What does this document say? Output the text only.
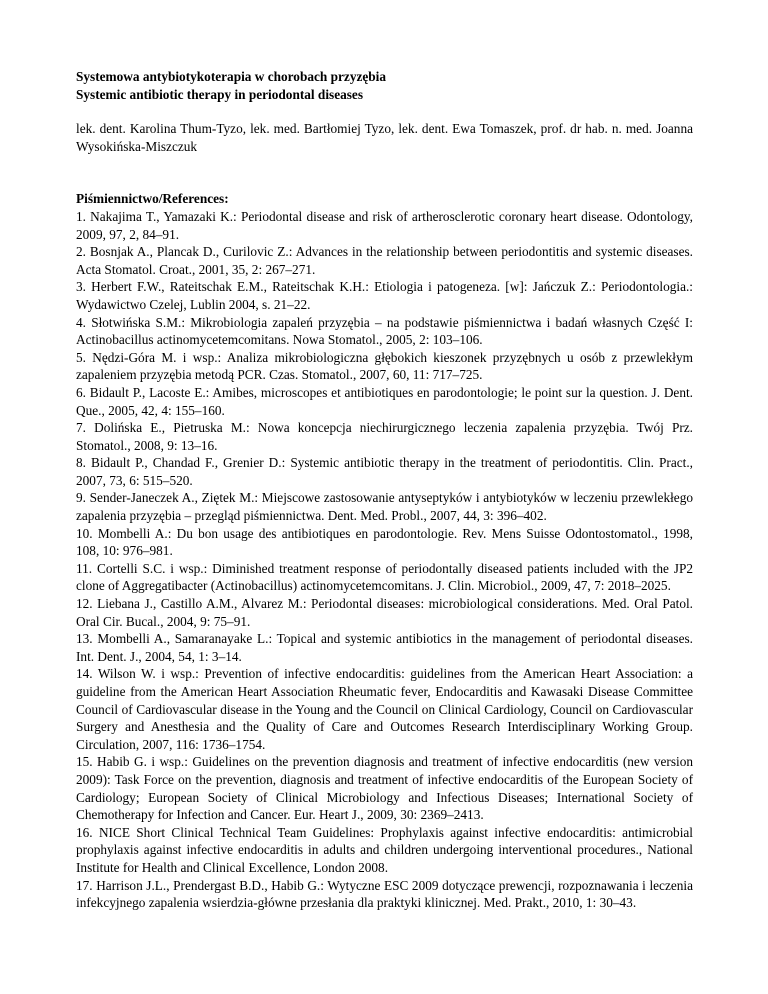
Systemowa antybiotykoterapia w chorobach przyzębia

Systemic antibiotic therapy in periodontal diseases

lek. dent. Karolina Thum-Tyzo, lek. med. Bartłomiej Tyzo, lek. dent. Ewa Tomaszek, prof. dr hab. n. med. Joanna Wysokińska-Miszczuk

Piśmiennictwo/References:

1. Nakajima T., Yamazaki K.: Periodontal disease and risk of artherosclerotic coronary heart disease. Odontology, 2009, 97, 2, 84–91.
2. Bosnjak A., Plancak D., Curilovic Z.: Advances in the relationship between periodontitis and systemic diseases. Acta Stomatol. Croat., 2001, 35, 2: 267–271.
3. Herbert F.W., Rateitschak E.M., Rateitschak K.H.: Etiologia i patogeneza. [w]: Jańczuk Z.: Periodontologia.: Wydawictwo Czelej, Lublin 2004, s. 21–22.
4. Słotwińska S.M.: Mikrobiologia zapaleń przyzębia – na podstawie piśmiennictwa i badań własnych Część I: Actinobacillus actinomycetemcomitans. Nowa Stomatol., 2005, 2: 103–106.
5. Nędzi-Góra M. i wsp.: Analiza mikrobiologiczna głębokich kieszonek przyzębnych u osób z przewlekłym zapaleniem przyzębia metodą PCR. Czas. Stomatol., 2007, 60, 11: 717–725.
6. Bidault P., Lacoste E.: Amibes, microscopes et antibiotiques en parodontologie; le point sur la question. J. Dent. Que., 2005, 42, 4: 155–160.
7. Dolińska E., Pietruska M.: Nowa koncepcja niechirurgicznego leczenia zapalenia przyzębia. Twój Prz. Stomatol., 2008, 9: 13–16.
8. Bidault P., Chandad F., Grenier D.: Systemic antibiotic therapy in the treatment of periodontitis. Clin. Pract., 2007, 73, 6: 515–520.
9. Sender-Janeczek A., Ziętek M.: Miejscowe zastosowanie antyseptyków i antybiotyków w leczeniu przewlekłego zapalenia przyzębia – przegląd piśmiennictwa. Dent. Med. Probl., 2007, 44, 3: 396–402.
10. Mombelli A.: Du bon usage des antibiotiques en parodontologie. Rev. Mens Suisse Odontostomatol., 1998, 108, 10: 976–981.
11. Cortelli S.C. i wsp.: Diminished treatment response of periodontally diseased patients included with the JP2 clone of Aggregatibacter (Actinobacillus) actinomycetemcomitans. J. Clin. Microbiol., 2009, 47, 7: 2018–2025.
12. Liebana J., Castillo A.M., Alvarez M.: Periodontal diseases: microbiological considerations. Med. Oral Patol. Oral Cir. Bucal., 2004, 9: 75–91.
13. Mombelli A., Samaranayake L.: Topical and systemic antibiotics in the management of periodontal diseases. Int. Dent. J., 2004, 54, 1: 3–14.
14. Wilson W. i wsp.: Prevention of infective endocarditis: guidelines from the American Heart Association: a guideline from the American Heart Association Rheumatic fever, Endocarditis and Kawasaki Disease Committee Council of Cardiovascular disease in the Young and the Council on Clinical Cardiology, Council on Cardiovascular Surgery and Anesthesia and the Quality of Care and Outcomes Research Interdisciplinary Working Group. Circulation, 2007, 116: 1736–1754.
15. Habib G. i wsp.: Guidelines on the prevention diagnosis and treatment of infective endocarditis (new version 2009): Task Force on the prevention, diagnosis and treatment of infective endocarditis of the European Society of Cardiology; European Society of Clinical Microbiology and Infectious Diseases; International Society of Chemotherapy for Infection and Cancer. Eur. Heart J., 2009, 30: 2369–2413.
16. NICE Short Clinical Technical Team Guidelines: Prophylaxis against infective endocarditis: antimicrobial prophylaxis against infective endocarditis in adults and children undergoing interventional procedures., National Institute for Health and Clinical Excellence, London 2008.
17. Harrison J.L., Prendergast B.D., Habib G.: Wytyczne ESC 2009 dotyczące prewencji, rozpoznawania i leczenia infekcyjnego zapalenia wsierdzia-główne przesłania dla praktyki klinicznej. Med. Prakt., 2010, 1: 30–43.
